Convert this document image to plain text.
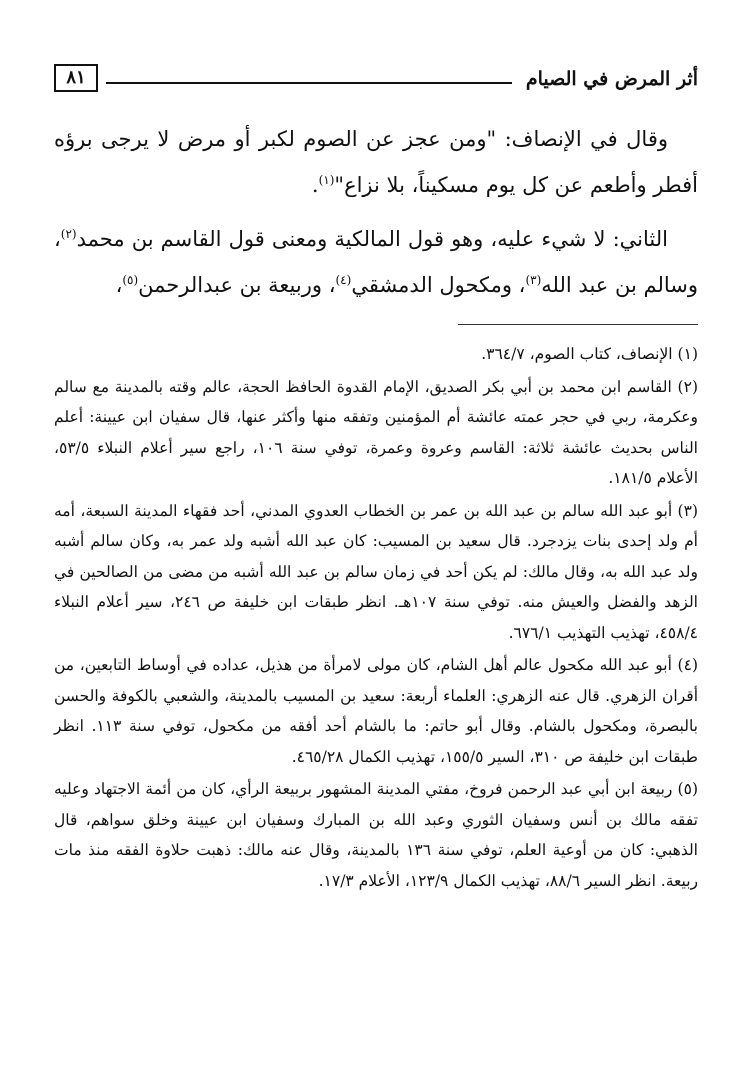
أثر المرض في الصيام
٨١

وقال في الإنصاف: "ومن عجز عن الصوم لكبر أو مرض لا يرجى برؤه أفطر وأطعم عن كل يوم مسكيناً، بلا نزاع"$^{(١)}$.

الثاني: لا شيء عليه، وهو قول المالكية ومعنى قول القاسم بن محمد$^{(٢)}$، وسالم بن عبد الله$^{(٣)}$، ومكحول الدمشقي$^{(٤)}$، وربيعة بن عبدالرحمن$^{(٥)}$،

(١) الإنصاف، كتاب الصوم، ٣٦٤/٧.

(٢) القاسم ابن محمد بن أبي بكر الصديق، الإمام القدوة الحافظ الحجة، عالم وقته بالمدينة مع سالم وعكرمة، ربي في حجر عمته عائشة أم المؤمنين وتفقه منها وأكثر عنها، قال سفيان ابن عيينة: أعلم الناس بحديث عائشة ثلاثة: القاسم وعروة وعمرة، توفي سنة ١٠٦، راجع سير أعلام النبلاء ٥٣/٥، الأعلام ١٨١/٥.

(٣) أبو عبد الله سالم بن عبد الله بن عمر بن الخطاب العدوي المدني، أحد فقهاء المدينة السبعة، أمه أم ولد إحدى بنات يزدجرد. قال سعيد بن المسيب: كان عبد الله أشبه ولد عمر به، وكان سالم أشبه ولد عبد الله به، وقال مالك: لم يكن أحد في زمان سالم بن عبد الله أشبه من مضى من الصالحين في الزهد والفضل والعيش منه. توفي سنة ١٠٧هـ. انظر طبقات ابن خليفة ص ٢٤٦، سير أعلام النبلاء ٤٥٨/٤، تهذيب التهذيب ٦٧٦/١.

(٤) أبو عبد الله مكحول عالم أهل الشام، كان مولى لامرأة من هذيل، عداده في أوساط التابعين، من أقران الزهري. قال عنه الزهري: العلماء أربعة: سعيد بن المسيب بالمدينة، والشعبي بالكوفة والحسن بالبصرة، ومكحول بالشام. وقال أبو حاتم: ما بالشام أحد أفقه من مكحول، توفي سنة ١١٣. انظر طبقات ابن خليفة ص ٣١٠، السير ١٥٥/٥، تهذيب الكمال ٤٦٥/٢٨.

(٥) ربيعة ابن أبي عبد الرحمن فروخ، مفتي المدينة المشهور بربيعة الرأي، كان من أئمة الاجتهاد وعليه تفقه مالك بن أنس وسفيان الثوري وعبد الله بن المبارك وسفيان ابن عيينة وخلق سواهم، قال الذهبي: كان من أوعية العلم، توفي سنة ١٣٦ بالمدينة، وقال عنه مالك: ذهبت حلاوة الفقه منذ مات ربيعة. انظر السير ٨٨/٦، تهذيب الكمال ١٢٣/٩، الأعلام ١٧/٣.
